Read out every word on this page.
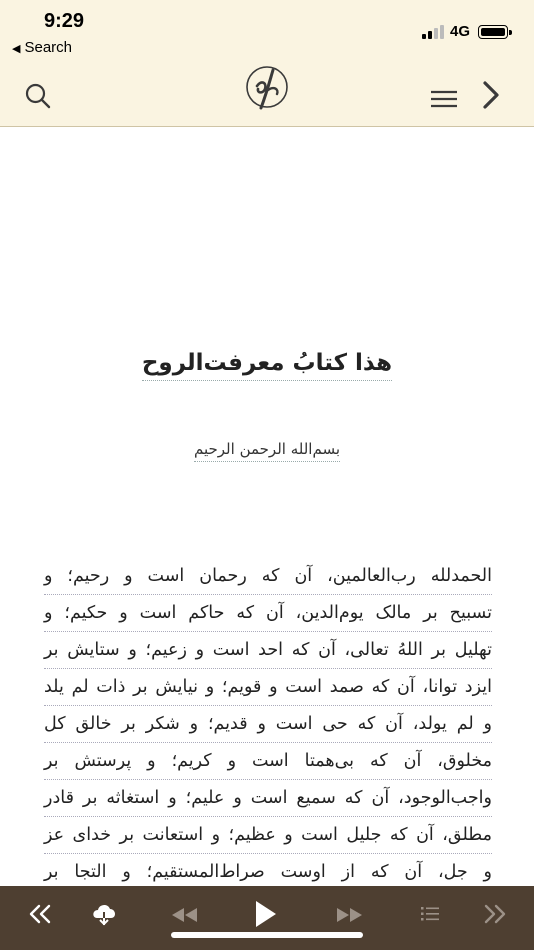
9:29
◀ Search
4G
هذا کتابُ معرفت‌الروح
بسم‌الله الرحمن الرحیم
الحمدلله رب‌العالمین، آن که رحمان است و رحیم؛ و
تسبیح بر مالک یوم‌الدین، آن که حاکم است و حکیم؛ و
تهلیل بر اللهُ تعالی، آن که احد است و زعیم؛ و ستایش بر
ایزد توانا، آن که صمد است و قویم؛ و نیایش بر ذات لم یلد
و لم یولد، آن که حی است و قدیم؛ و شکر بر خالق کل
مخلوق، آن که بی‌همتا است و کریم؛ و پرستش بر
واجب‌الوجود، آن که سمیع است و علیم؛ و استغاثه بر قادر
مطلق، آن که جلیل است و عظیم؛ و استعانت بر خدای عز
و جل، آن که از اوست صراط‌المستقیم؛ و التجا بر
